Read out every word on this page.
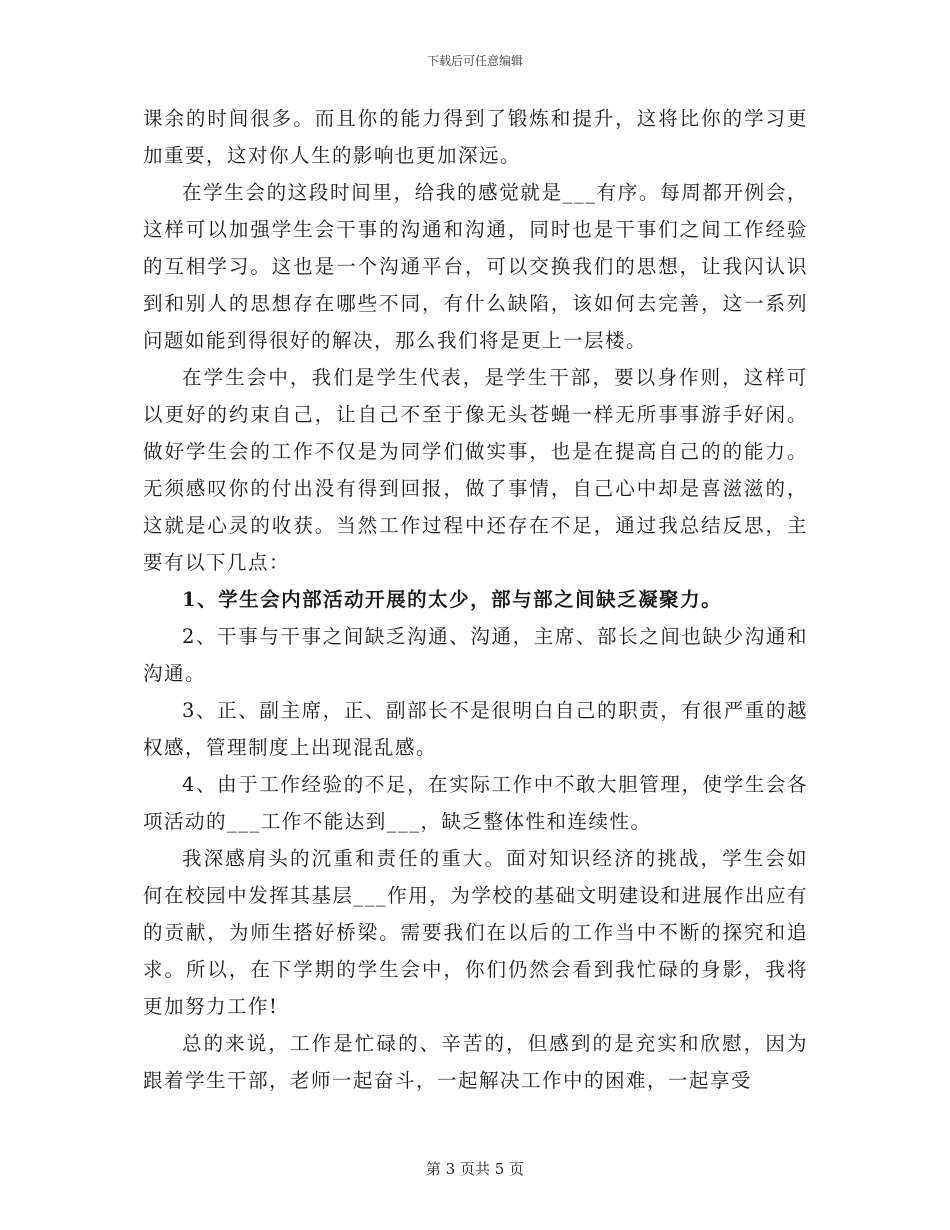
下载后可任意编辑

课余的时间很多。而且你的能力得到了锻炼和提升，这将比你的学习更加重要，这对你人生的影响也更加深远。

在学生会的这段时间里，给我的感觉就是___有序。每周都开例会，这样可以加强学生会干事的沟通和沟通，同时也是干事们之间工作经验的互相学习。这也是一个沟通平台，可以交换我们的思想，让我闪认识到和别人的思想存在哪些不同，有什么缺陷，该如何去完善，这一系列问题如能到得很好的解决，那么我们将是更上一层楼。

在学生会中，我们是学生代表，是学生干部，要以身作则，这样可以更好的约束自己，让自己不至于像无头苍蝇一样无所事事游手好闲。做好学生会的工作不仅是为同学们做实事，也是在提高自己的的能力。无须感叹你的付出没有得到回报，做了事情，自己心中却是喜滋滋的，这就是心灵的收获。当然工作过程中还存在不足，通过我总结反思，主要有以下几点：

1、学生会内部活动开展的太少，部与部之间缺乏凝聚力。

2、干事与干事之间缺乏沟通、沟通，主席、部长之间也缺少沟通和沟通。

3、正、副主席，正、副部长不是很明白自己的职责，有很严重的越权感，管理制度上出现混乱感。

4、由于工作经验的不足，在实际工作中不敢大胆管理，使学生会各项活动的___工作不能达到___，缺乏整体性和连续性。

我深感肩头的沉重和责任的重大。面对知识经济的挑战，学生会如何在校园中发挥其基层___作用，为学校的基础文明建设和进展作出应有的贡献，为师生搭好桥梁。需要我们在以后的工作当中不断的探究和追求。所以，在下学期的学生会中，你们仍然会看到我忙碌的身影，我将更加努力工作!

总的来说，工作是忙碌的、辛苦的，但感到的是充实和欣慰，因为跟着学生干部，老师一起奋斗，一起解决工作中的困难，一起享受

第 3 页共 5 页
